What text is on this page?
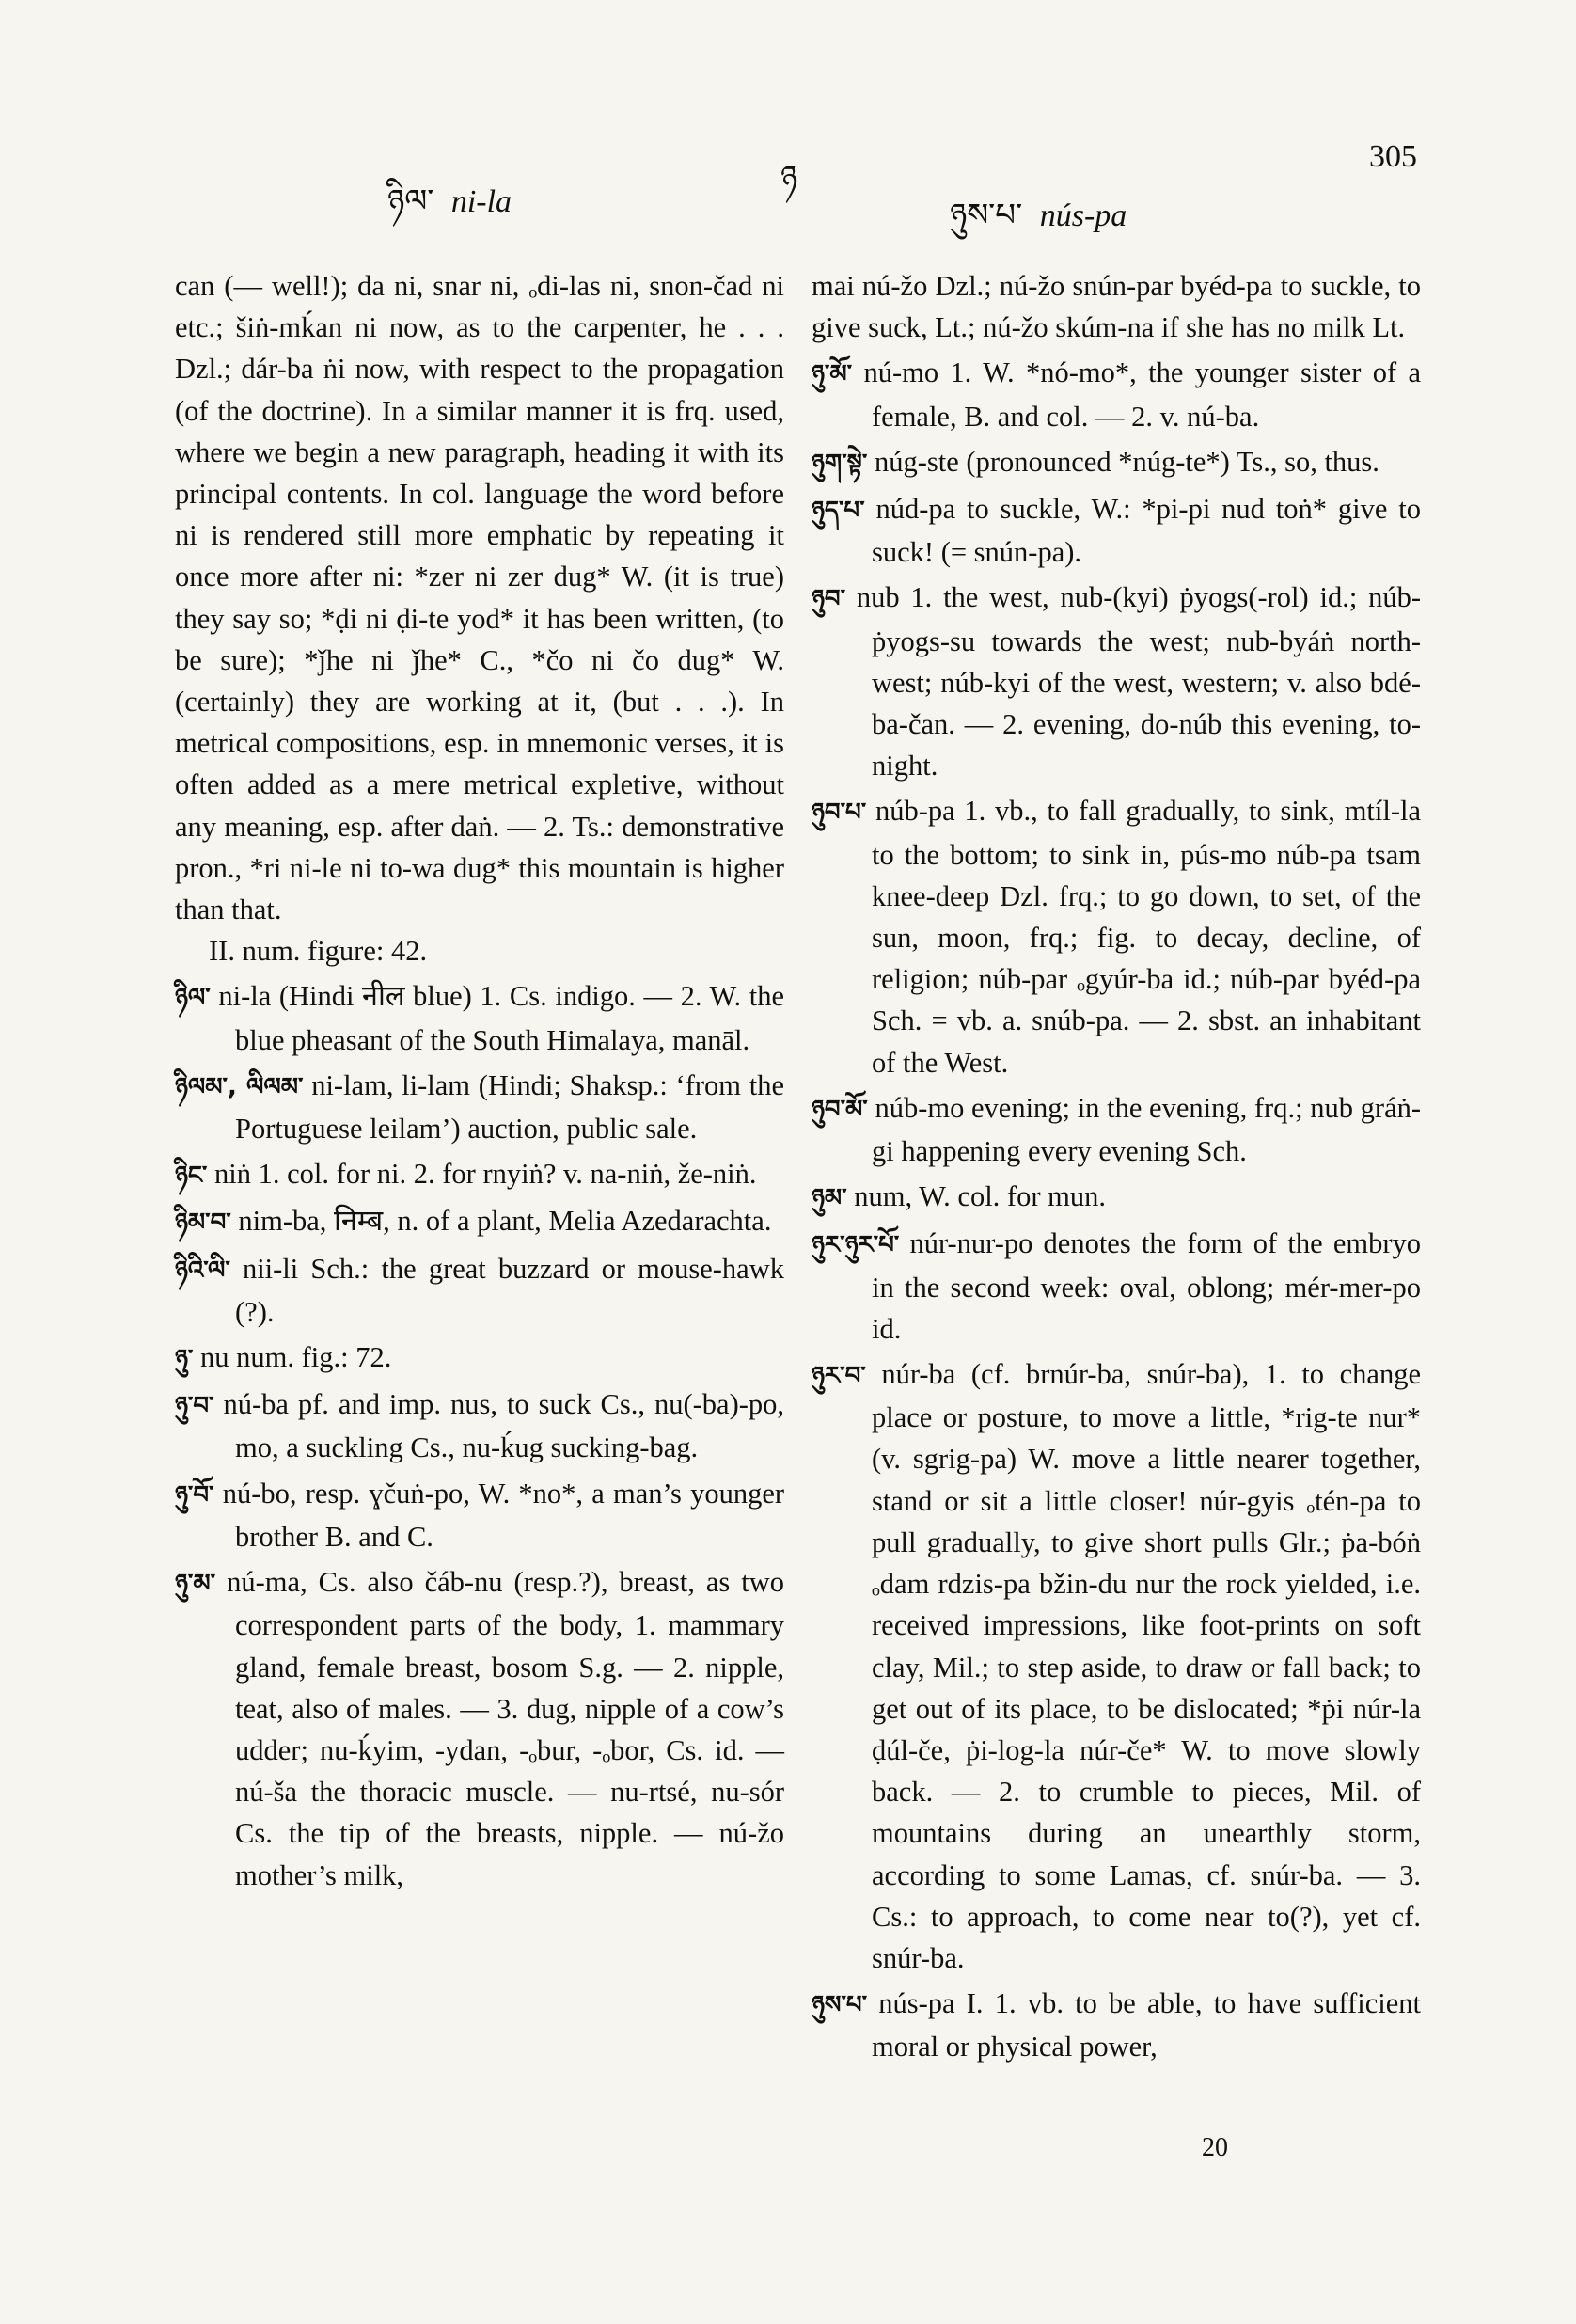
ཉིལ་ ni-la
ཉ
ཉུས་པ་ nús-pa
305

can (— well!); da ni, snar ni, ₒdi-las ni, snon-čad ni etc.; šiṅ-mḱan ni now, as to the carpenter, he . . . Dzl.; dár-ba ṅi now, with respect to the propagation (of the doctrine). In a similar manner it is frq. used, where we begin a new paragraph, heading it with its principal contents. In col. language the word before ni is rendered still more emphatic by repeating it once more after ni: *zer ni zer dug* W. (it is true) they say so; *ḍi ni ḍi-te yod* it has been written, (to be sure); *ǰhe ni ǰhe* C., *čo ni čo dug* W. (certainly) they are working at it, (but . . .). In metrical compositions, esp. in mnemonic verses, it is often added as a mere metrical expletive, without any meaning, esp. after daṅ. — 2. Ts.: demonstrative pron., *ri ni-le ni to-wa dug* this mountain is higher than that.

II. num. figure: 42.

ཉིལ་ ni-la (Hindi नील blue) 1. Cs. indigo. — 2. W. the blue pheasant of the South Himalaya, manāl.

ཉིལམ་, ལིལམ་ ni-lam, li-lam (Hindi; Shaksp.: ‘from the Portuguese leilam’) auction, public sale.

ཉིང་ niṅ 1. col. for ni. 2. for rnyiṅ? v. na-niṅ, že-niṅ.

ཉིམ་བ་ nim-ba, निम्ब, n. of a plant, Melia Azedarachta.

ཉིའི་ལི་ nii-li Sch.: the great buzzard or mouse-hawk (?).

ཉུ་ nu num. fig.: 72.

ཉུ་བ་ nú-ba pf. and imp. nus, to suck Cs., nu(-ba)-po, mo, a suckling Cs., nu-ḱug sucking-bag.

ཉུ་བོ་ nú-bo, resp. ɣčuṅ-po, W. *no*, a man’s younger brother B. and C.

ཉུ་མ་ nú-ma, Cs. also čáb-nu (resp.?), breast, as two correspondent parts of the body, 1. mammary gland, female breast, bosom S.g. — 2. nipple, teat, also of males. — 3. dug, nipple of a cow’s udder; nu-ḱyim, -ydan, -ₒbur, -ₒbor, Cs. id. — nú-ša the thoracic muscle. — nu-rtsé, nu-sór Cs. the tip of the breasts, nipple. — nú-žo mother’s milk,

mai nú-žo Dzl.; nú-žo snún-par byéd-pa to suckle, to give suck, Lt.; nú-žo skúm-na if she has no milk Lt.

ཉུ་མོ་ nú-mo 1. W. *nó-mo*, the younger sister of a female, B. and col. — 2. v. nú-ba.

ཉུག་སྟེ་ núg-ste (pronounced *núg-te*) Ts., so, thus.

ཉུད་པ་ núd-pa to suckle, W.: *pi-pi nud toṅ* give to suck! (= snún-pa).

ཉུབ་ nub 1. the west, nub-(kyi) ṗyogs(-rol) id.; núb-ṗyogs-su towards the west; nub-byáṅ north-west; núb-kyi of the west, western; v. also bdé-ba-čan. — 2. evening, do-núb this evening, to-night.

ཉུབ་པ་ núb-pa 1. vb., to fall gradually, to sink, mtíl-la to the bottom; to sink in, pús-mo núb-pa tsam knee-deep Dzl. frq.; to go down, to set, of the sun, moon, frq.; fig. to decay, decline, of religion; núb-par ₒgyúr-ba id.; núb-par byéd-pa Sch. = vb. a. snúb-pa. — 2. sbst. an inhabitant of the West.

ཉུབ་མོ་ núb-mo evening; in the evening, frq.; nub gráṅ-gi happening every evening Sch.

ཉུམ་ num, W. col. for mun.

ཉུར་ཉུར་པོ་ núr-nur-po denotes the form of the embryo in the second week: oval, oblong; mér-mer-po id.

ཉུར་བ་ núr-ba (cf. brnúr-ba, snúr-ba), 1. to change place or posture, to move a little, *rig-te nur* (v. sgrig-pa) W. move a little nearer together, stand or sit a little closer! núr-gyis ₒtén-pa to pull gradually, to give short pulls Glr.; ṗa-bóṅ ₒdam rdzis-pa bžin-du nur the rock yielded, i.e. received impressions, like foot-prints on soft clay, Mil.; to step aside, to draw or fall back; to get out of its place, to be dislocated; *ṗi núr-la ḍúl-če, ṗi-log-la núr-če* W. to move slowly back. — 2. to crumble to pieces, Mil. of mountains during an unearthly storm, according to some Lamas, cf. snúr-ba. — 3. Cs.: to approach, to come near to(?), yet cf. snúr-ba.

ཉུས་པ་ nús-pa I. 1. vb. to be able, to have sufficient moral or physical power,

20
